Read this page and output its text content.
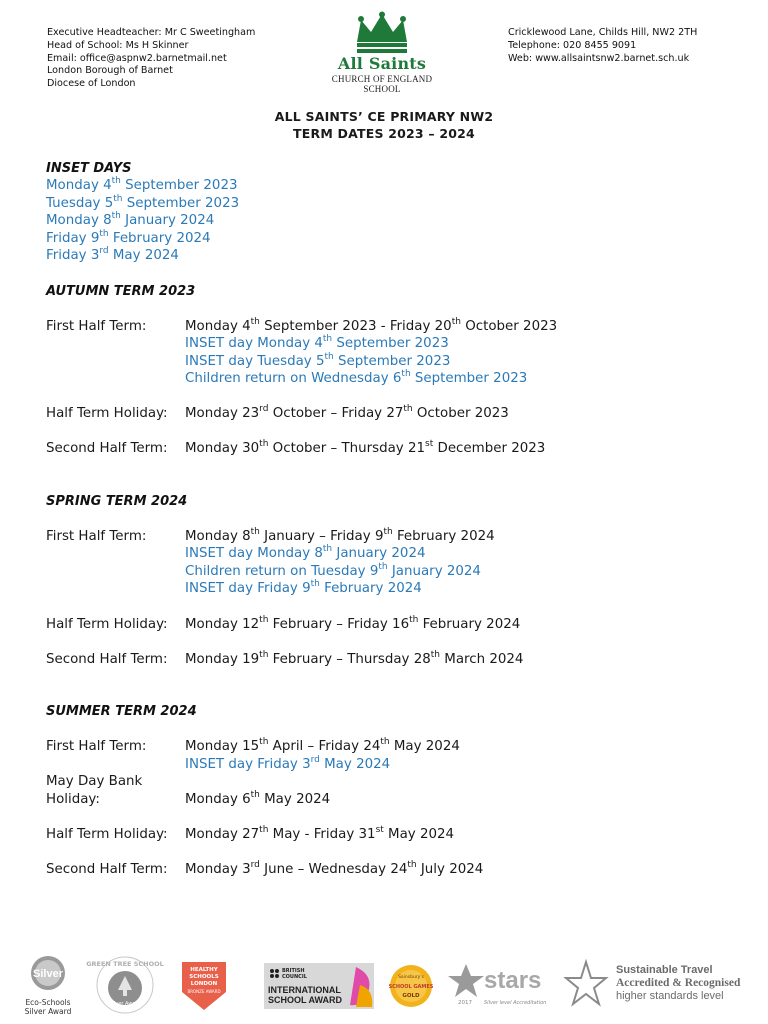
Executive Headteacher: Mr C Sweetingham
Head of School: Ms H Skinner
Email: office@aspnw2.barnetmail.net
London Borough of Barnet
Diocese of London
All Saints
CHURCH OF ENGLAND SCHOOL
Cricklewood Lane, Childs Hill, NW2 2TH
Telephone: 020 8455 9091
Web: www.allsaintsnw2.barnet.sch.uk
ALL SAINTS’ CE PRIMARY NW2
TERM DATES 2023 – 2024
INSET DAYS
Monday 4th September 2023
Tuesday 5th September 2023
Monday 8th January 2024
Friday 9th February 2024
Friday 3rd May 2024
AUTUMN TERM 2023
First Half Term:	Monday 4th September 2023 - Friday 20th October 2023
INSET day Monday 4th September 2023
INSET day Tuesday 5th September 2023
Children return on Wednesday 6th September 2023
Half Term Holiday: Monday 23rd October – Friday 27th October 2023
Second Half Term: Monday 30th October – Thursday 21st December 2023
SPRING TERM 2024
First Half Term:	Monday 8th January – Friday 9th February 2024
INSET day Monday 8th January 2024
Children return on Tuesday 9th January 2024
INSET day Friday 9th February 2024
Half Term Holiday: Monday 12th February – Friday 16th February 2024
Second Half Term: Monday 19th February – Thursday 28th March 2024
SUMMER TERM 2024
First Half Term:	Monday 15th April – Friday 24th May 2024
INSET day Friday 3rd May 2024
May Day Bank
Holiday:	Monday 6th May 2024
Half Term Holiday: Monday 27th May - Friday 31st May 2024
Second Half Term: Monday 3rd June – Wednesday 24th July 2024
Silver
Eco-Schools
Silver Award
GREEN TREE SCHOOL
Silver Award
HEALTHY
SCHOOLS
LONDON
BRONZE AWARD
BRITISH
COUNCIL
INTERNATIONAL
SCHOOL AWARD
Sainsbury's
SCHOOL GAMES
GOLD
stars
2017 Silver level Accreditation
Sustainable Travel
Accredited & Recognised
higher standards level
